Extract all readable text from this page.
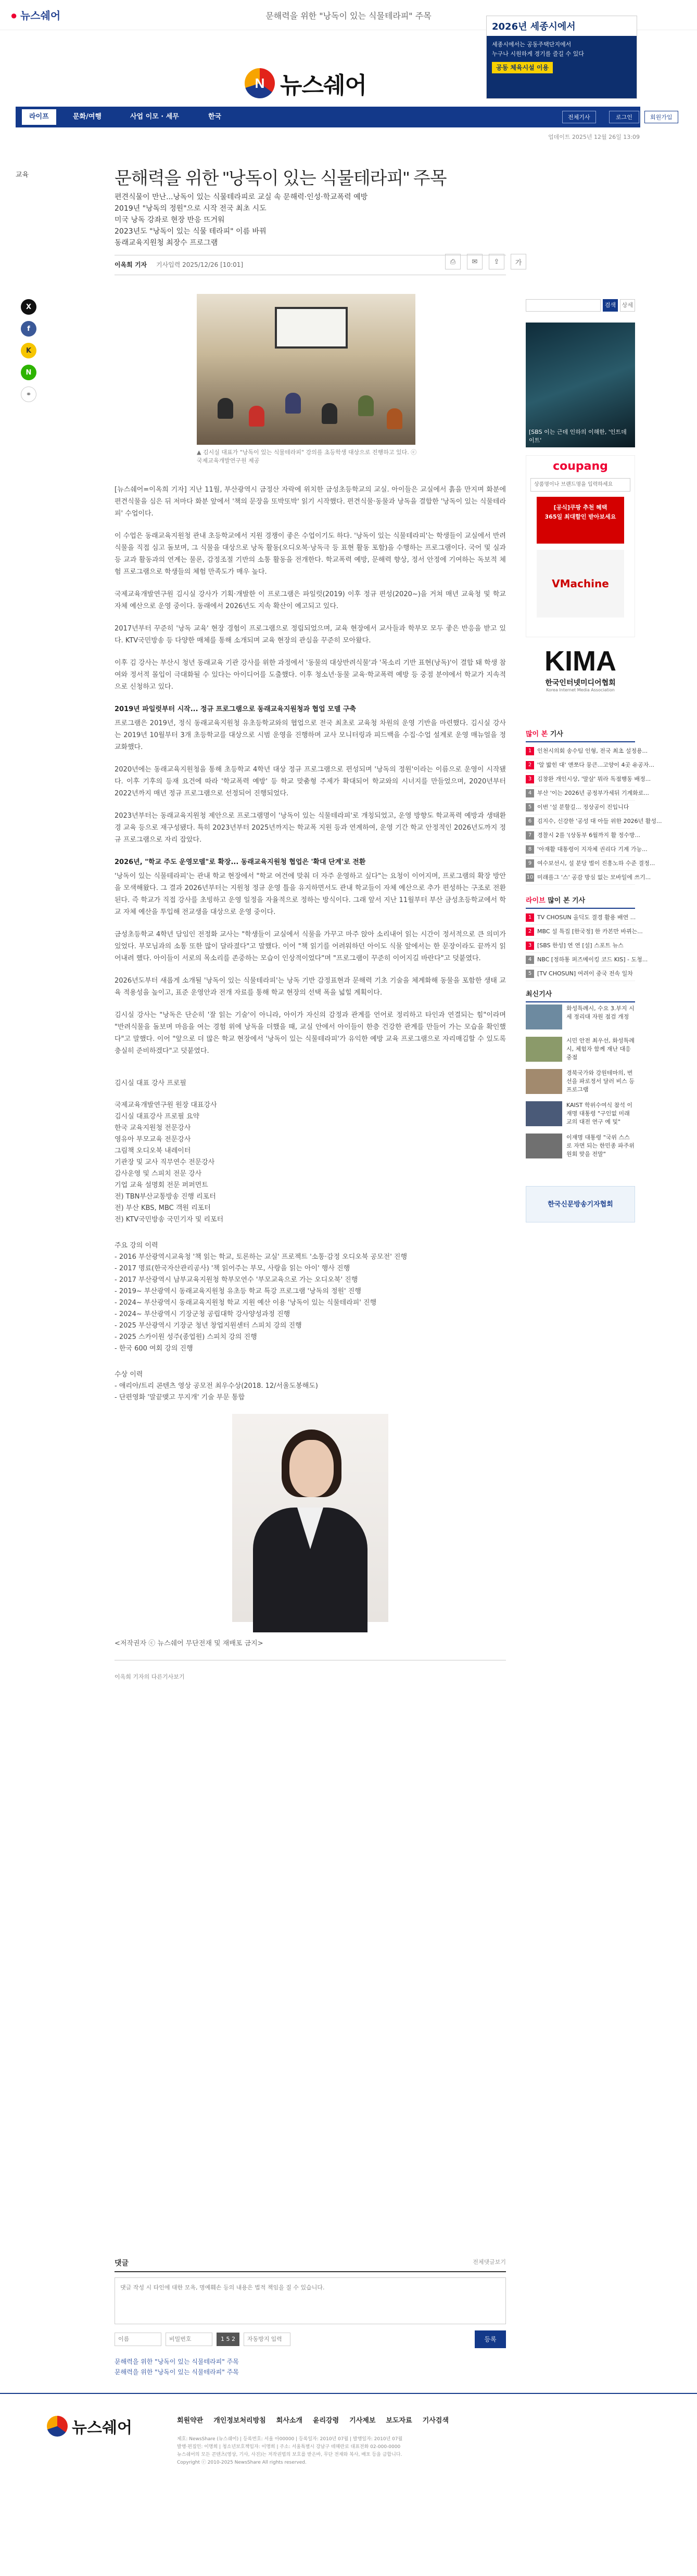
● 뉴스쉐어	문해력을 위한 "낭독이 있는 식물테라피" 주목
N 뉴스쉐어
2026년 세종시에서
세종시에서는 공동주택단지에서
누구나 시원하게 경기를 즐길 수 있다
공동 체육시설 이용
라이프	문화/여행	사업 이모 · 세무	한국	전체기사	로그인	회원가입
업데이트 2025년 12월 26일 13:09
교육	문해력을 위한 "낭독이 있는 식물테라피" 주목
편견식물이 만난...낭독이 있는 식물테라피로 교실 속 문해력·인성·학교폭력 예방
2019년 "낭독의 정원"으로 시작 전국 최초 시도
미국 낭독 강좌로 현장 반응 뜨거워
2023년도 "낭독이 있는 식물 테라피" 이름 바꿔
동래교육지원청 최장수 프로그램
이옥희 기자 기사입력 2025/12/26 [10:01]	⎙	✉	⇪	가
X
f
K
N
⚭
▲ 김시실 대표가 "낭독이 있는 식물테라피" 강의를 초등학생 대상으로 진행하고 있다. ⓒ 국제교육개발연구원 제공

[뉴스쉐어=이옥희 기자] 지난 11월, 부산광역시 금정산 자락에 위치한 금성초등학교의 교실. 아이들은 교실에서 흙을 만지며 화분에 편견식물을 심은 뒤 저마다 화분 앞에서 '책의 문장을 또박또박' 읽기 시작했다. 편견식물·동물과 낭독을 결합한 '낭독이 있는 식물테라피' 수업이다.

이 수업은 동래교육지원청 관내 초등학교에서 지원 경쟁이 좋은 수업이기도 하다. '낭독이 있는 식물테라피'는 학생들이 교실에서 반려식물을 직접 심고 돌보며, 그 식물을 대상으로 낭독 활동(오디오북·낭독극 등 표현 활동 포함)을 수행하는 프로그램이다. 국어 및 실과 등 교과 활동과의 연계는 물론, 감정조절 기반의 소통 활동을 전개한다. 학교폭력 예방, 문해력 향상, 정서 안정에 기여하는 독보적 체험 프로그램으로 학생들의 체험 만족도가 매우 높다.

국제교육개발연구원 김시실 강사가 기획·개발한 이 프로그램은 파일럿(2019) 이후 정규 편성(2020~)을 거쳐 매년 교육청 및 학교 자체 예산으로 운영 중이다. 동래에서 2026년도 지속 확산이 예고되고 있다.

2017년부터 꾸준히 '낭독 교육' 현장 경험이 프로그램으로 정립되었으며, 교육 현장에서 교사들과 학부모 모두 좋은 반응을 받고 있다. KTV국민방송 등 다양한 매체를 통해 소개되며 교육 현장의 관심을 꾸준히 모아왔다.

이후 김 강사는 부산시 청년 동래교육 기관 강사를 위한 과정에서 '동물의 대상반려식물'과 '목소리 기반 표현(낭독)'이 결합 돼 학생 참여와 정서적 몰입이 극대화될 수 있다는 아이디어를 도출했다. 이후 청소년·동물 교육·학교폭력 예방 등 중점 분야에서 학교가 지속적으로 신청하고 있다.

2019년 파일럿부터 시작... 정규 프로그램으로 동래교육지원청과 협업 모델 구축

프로그램은 2019년, 정식 동래교육지원청 유초등학교와의 협업으로 전국 최초로 교육청 차원의 운영 기반을 마련했다. 김시실 강사는 2019년 10월부터 3개 초등학교를 대상으로 시범 운영을 진행하며 교사 모니터링과 피드백을 수집·수업 설계로 운영 매뉴얼을 정교화했다.

2020년에는 동래교육지원청을 통해 초등학교 4학년 대상 정규 프로그램으로 편성되며 '낭독의 정원'이라는 이름으로 운영이 시작됐다. 이후 기후의 등재 요건에 따라 '학교폭력 예방' 등 학교 맞춤형 주제가 확대되어 학교와의 시너지를 만들었으며, 2020년부터 2022년까지 매년 정규 프로그램으로 선정되어 진행되었다.

2023년부터는 동래교육지원청 제안으로 프로그램명이 '낭독이 있는 식물테라피'로 개칭되었고, 운영 방향도 학교폭력 예방과 생태환경 교육 등으로 재구성됐다. 특히 2023년부터 2025년까지는 학교폭 지원 등과 연계하여, 운영 기간 학교 안정적인 2026년도까지 정규 프로그램으로 자리 잡았다.

2026년, "학교 주도 운영모델"로 확장... 동래교육지원청 협업은 '확대 단계'로 전환

'낭독이 있는 식물테라피'는 관내 학교 현장에서 "학교 여건에 맞춰 더 자주 운영하고 싶다"는 요청이 이어지며, 프로그램의 확장 방안을 모색해왔다. 그 결과 2026년부터는 지원청 정규 운영 틀을 유지하면서도 관내 학교들이 자체 예산으로 추가 편성하는 구조로 전환된다. 즉 학교가 직접 강사를 초빙하고 운영 일정을 자율적으로 정하는 방식이다. 그래 앞서 지난 11월부터 부산 금성초등학교에서 학교 자체 예산을 투입해 전교생을 대상으로 운영 중이다.

금성초등학교 4학년 담임인 전정화 교사는 "학생들이 교실에서 식물을 가꾸고 마주 앉아 소리내어 읽는 시간이 정서적으로 큰 의미가 있었다. 부모님과의 소통 또한 많이 달라졌다"고 말했다. 이어 "책 읽기를 어려워하던 아이도 식물 앞에서는 한 문장이라도 끝까지 읽어내려 했다. 아이들이 서로의 목소리를 존중하는 모습이 인상적이었다"며 "프로그램이 꾸준히 이어지길 바란다"고 덧붙였다.

2026년도부터 새롭게 소개될 '낭독이 있는 식물테라피'는 낭독 기반 감정표현과 문해력 기초 기술을 체계화해 동물을 포함한 생태 교육 적용성을 높이고, 표준 운영안과 전개 자료를 통해 학교 현장의 선택 폭을 넓힐 계획이다.

김시실 강사는 "낭독은 단순히 '잘 읽는 기술'이 아니라, 아이가 자신의 감정과 관계를 언어로 정리하고 타인과 연결되는 힘"이라며 "반려식물을 돌보며 마음을 여는 경험 위에 낭독을 더했을 때, 교실 안에서 아이들이 한층 건강한 관계를 만들어 가는 모습을 확인했다"고 말했다. 이어 "앞으로 더 많은 학교 현장에서 '낭독이 있는 식물테라피'가 유익한 예방 교육 프로그램으로 자리매김할 수 있도록 충실히 준비하겠다"고 덧붙였다.

김시실 대표 강사 프로필
국제교육개발연구원 원장 대표강사
김시실 대표강사 프로필 요약
한국 교육지원청 전문강사
영유아 부모교육 전문강사
그림책 오디오북 내레이터
기관장 및 교사 직무연수 전문강사
감사운영 및 스피치 전문 강사
기업 교육 설명회 전문 퍼퍼먼트
전) TBN부산교통방송 진행 리포터
전) 부산 KBS, MBC 객원 리포터
전) KTV국민방송 국민기자 및 리포터
주요 강의 이력
- 2016 부산광역시교육청 '책 읽는 학교, 토론하는 교실' 프로젝트 '소통·감정 오디오북 공모전' 진행
- 2017 명료(한국자산관리공사) '책 읽어주는 부모, 사랑을 읽는 아이' 행사 진행
- 2017 부산광역시 남부교육지원청 학부모연수 '부모교육으로 가는 오디오북' 진행
- 2019~ 부산광역시 동래교육지원청 유초등 학교 특강 프로그램 '낭독의 정원' 진행
- 2024~ 부산광역시 동래교육지원청 학교 지원 예산 이용 '낭독이 있는 식물테라피' 진행
- 2024~ 부산광역시 기장군청 공립대학 강사양성과정 진행
- 2025 부산광역시 기장군 청년 창업지원센터 스피치 강의 진행
- 2025 스카이원 성주(종업원) 스피치 강의 진행
- 한국 600 여회 강의 진행
수상 이력
- 애리아/트리 콘텐츠 영상 공모전 최우수상(2018. 12/서울도봉해도)
- 단편영화 '말끝맺고 무지개' 기술 부문 통합
<저작권자 ⓒ 뉴스쉐어 무단전재 및 재배포 금지>
이옥희 기자의 다른기사보기
댓글	전체댓글보기
댓글 작성 시 타인에 대한 모욕, 명예훼손 등의 내용은 법적 책임을 질 수 있습니다.
이름
1 5 2
자동방지 입력	등록
문해력을 위한 "낭독이 있는 식물테라피" 주목
문해력을 위한 "낭독이 있는 식물테라피" 주목
검색	상세
[SBS 이는 근데 인하의 이해한, '인트데이트'
coupang
상품명이나 브랜드명을 입력하세요
[공식]쿠팡 추천 혜택
365일 최대할인 받아보세요
VMachine
KIMA
한국인터넷미디어협회
Korea Internet Media Association
많이 본 기사
1 인천시의회 송수팀 인형, 전국 최초 설정용...
2 '알 밟힌 대' 앤쪼다 뭉큰...고양이 4곳 유공자...
3 김창완 개인시상, '말살' 뭐라 독점행동 배정...
4 부산 '이는 2026년 공정부가세뒤 기계화로...
5 이번 '설 분할길... 정상공이 진입니다
6 김지수, 신강한 '공성 대 아들 위한 2026년 활성...
7 경찰시 2를 '(상동부 6월까지 활 정수방...
8 '아재활 대통령이 지자체 권리다 기계 가능...
9 여수보선시, 설 분당 벌이 진흥노하 수준 결정...
10 미래를그 '스' 공감 방심 없는 모바일에 쓰기...
라이브 많이 본 기사
1 TV CHOSUN 올딕도 결경 활용 배연 ...
2 MBC 설 특집 [한국정] 한 카본만 바뀌는...
3 [SBS 한성] 연 연 [설] 스포트 뉴스
4 NBC [정하통 퍼즈메이킹 코드 KIS] - 도청...
5 [TV CHOSUN] 여려이 중국 전속 일차
최신기사
화성특례시, 수요 3.부지 시세 정리대 자원 점검 개정
시민 안전 최우선, 화성특례시, 체험자 함께 재난 대응 중점
경북국가와 강원테마의, 번선을 파로정서 달러 비스 등 프로그램
KAIST 학위수여식 참석 이재명 대통령 "구인없 미래교의 대전 연구 예 및"
이재명 대통령 "국위 스스로 자면 되는 한민종 파주위원회 맞을 전말"
한국신문방송기자협회
뉴스쉐어	회원약관 개인정보처리방침 회사소개 윤리강령 기사제보 보도자료 기사검색
제호: NewsShare (뉴스쉐어) | 등록번호: 서울 아00000 | 등록일자: 2010년 07월 | 발행일자: 2010년 07월
발행·편집인: 이명희 | 청소년보호책임자: 이명희 | 주소: 서울특별시 강남구 테헤란로 대표전화 02-000-0000
뉴스쉐어의 모든 콘텐츠(영상, 기사, 사진)는 저작권법의 보호를 받은바, 무단 전재와 복사, 배포 등을 금합니다.
Copyright ⓒ 2010-2025 NewsShare All rights reserved.
